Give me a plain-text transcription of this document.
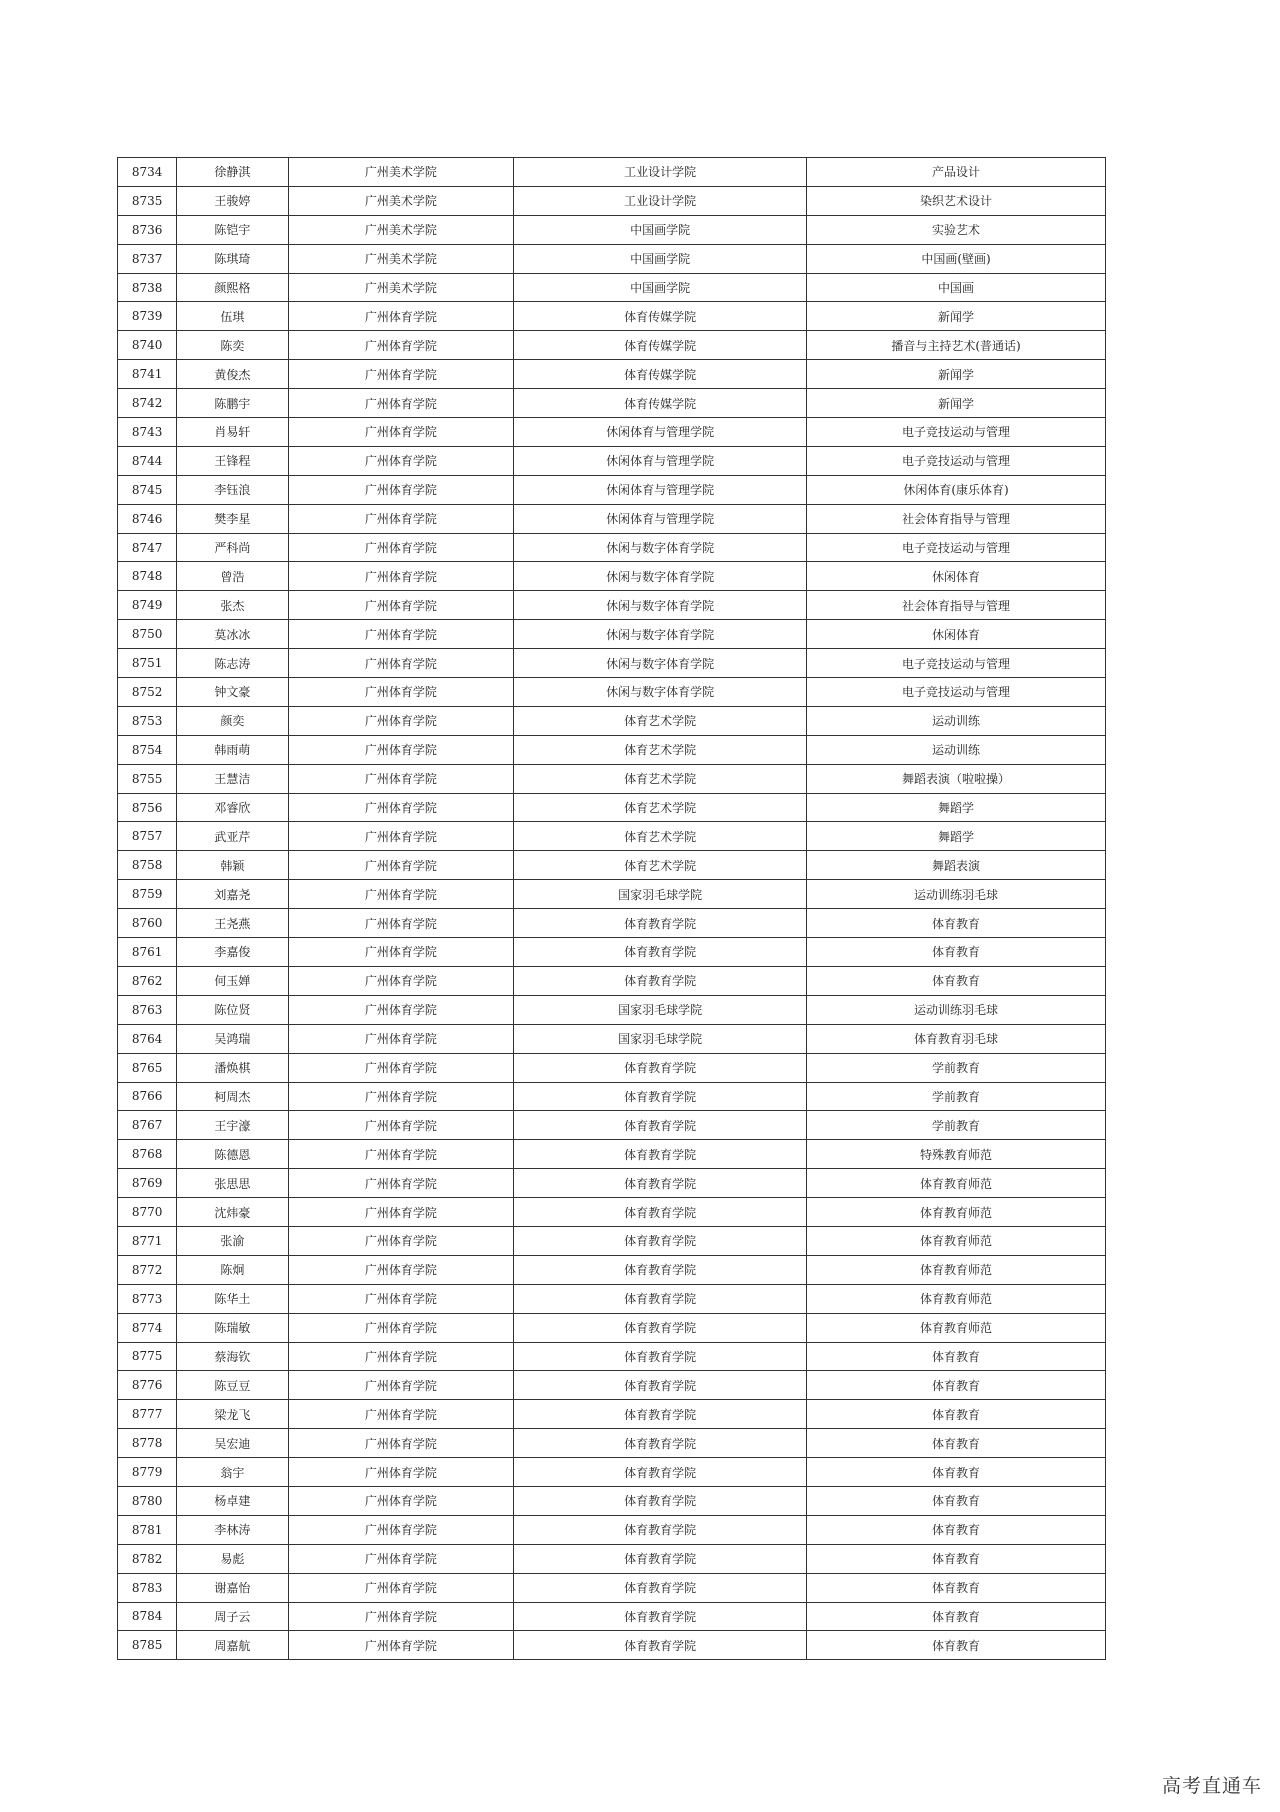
8734	徐静淇	广州美术学院	工业设计学院	产品设计
8735	王骏婷	广州美术学院	工业设计学院	染织艺术设计
8736	陈铠宇	广州美术学院	中国画学院	实验艺术
8737	陈琪琦	广州美术学院	中国画学院	中国画(壁画)
8738	颜熙格	广州美术学院	中国画学院	中国画
8739	伍琪	广州体育学院	体育传媒学院	新闻学
8740	陈奕	广州体育学院	体育传媒学院	播音与主持艺术(普通话)
8741	黄俊杰	广州体育学院	体育传媒学院	新闻学
8742	陈鹏宇	广州体育学院	体育传媒学院	新闻学
8743	肖易轩	广州体育学院	休闲体育与管理学院	电子竞技运动与管理
8744	王锋程	广州体育学院	休闲体育与管理学院	电子竞技运动与管理
8745	李钰浪	广州体育学院	休闲体育与管理学院	休闲体育(康乐体育)
8746	樊李星	广州体育学院	休闲体育与管理学院	社会体育指导与管理
8747	严科尚	广州体育学院	休闲与数字体育学院	电子竞技运动与管理
8748	曾浩	广州体育学院	休闲与数字体育学院	休闲体育
8749	张杰	广州体育学院	休闲与数字体育学院	社会体育指导与管理
8750	莫冰冰	广州体育学院	休闲与数字体育学院	休闲体育
8751	陈志涛	广州体育学院	休闲与数字体育学院	电子竞技运动与管理
8752	钟文豪	广州体育学院	休闲与数字体育学院	电子竞技运动与管理
8753	颜奕	广州体育学院	体育艺术学院	运动训练
8754	韩雨萌	广州体育学院	体育艺术学院	运动训练
8755	王慧洁	广州体育学院	体育艺术学院	舞蹈表演（啦啦操）
8756	邓睿欣	广州体育学院	体育艺术学院	舞蹈学
8757	武亚芹	广州体育学院	体育艺术学院	舞蹈学
8758	韩颖	广州体育学院	体育艺术学院	舞蹈表演
8759	刘嘉尧	广州体育学院	国家羽毛球学院	运动训练羽毛球
8760	王尧燕	广州体育学院	体育教育学院	体育教育
8761	李嘉俊	广州体育学院	体育教育学院	体育教育
8762	何玉婵	广州体育学院	体育教育学院	体育教育
8763	陈位贤	广州体育学院	国家羽毛球学院	运动训练羽毛球
8764	吴鸿瑞	广州体育学院	国家羽毛球学院	体育教育羽毛球
8765	潘焕棋	广州体育学院	体育教育学院	学前教育
8766	柯周杰	广州体育学院	体育教育学院	学前教育
8767	王宇濠	广州体育学院	体育教育学院	学前教育
8768	陈德恩	广州体育学院	体育教育学院	特殊教育师范
8769	张思思	广州体育学院	体育教育学院	体育教育师范
8770	沈炜豪	广州体育学院	体育教育学院	体育教育师范
8771	张渝	广州体育学院	体育教育学院	体育教育师范
8772	陈炯	广州体育学院	体育教育学院	体育教育师范
8773	陈华土	广州体育学院	体育教育学院	体育教育师范
8774	陈瑞敏	广州体育学院	体育教育学院	体育教育师范
8775	蔡海钦	广州体育学院	体育教育学院	体育教育
8776	陈豆豆	广州体育学院	体育教育学院	体育教育
8777	梁龙飞	广州体育学院	体育教育学院	体育教育
8778	吴宏迪	广州体育学院	体育教育学院	体育教育
8779	翁宇	广州体育学院	体育教育学院	体育教育
8780	杨卓建	广州体育学院	体育教育学院	体育教育
8781	李林涛	广州体育学院	体育教育学院	体育教育
8782	易彪	广州体育学院	体育教育学院	体育教育
8783	谢嘉怡	广州体育学院	体育教育学院	体育教育
8784	周子云	广州体育学院	体育教育学院	体育教育
8785	周嘉航	广州体育学院	体育教育学院	体育教育
高考直通车
